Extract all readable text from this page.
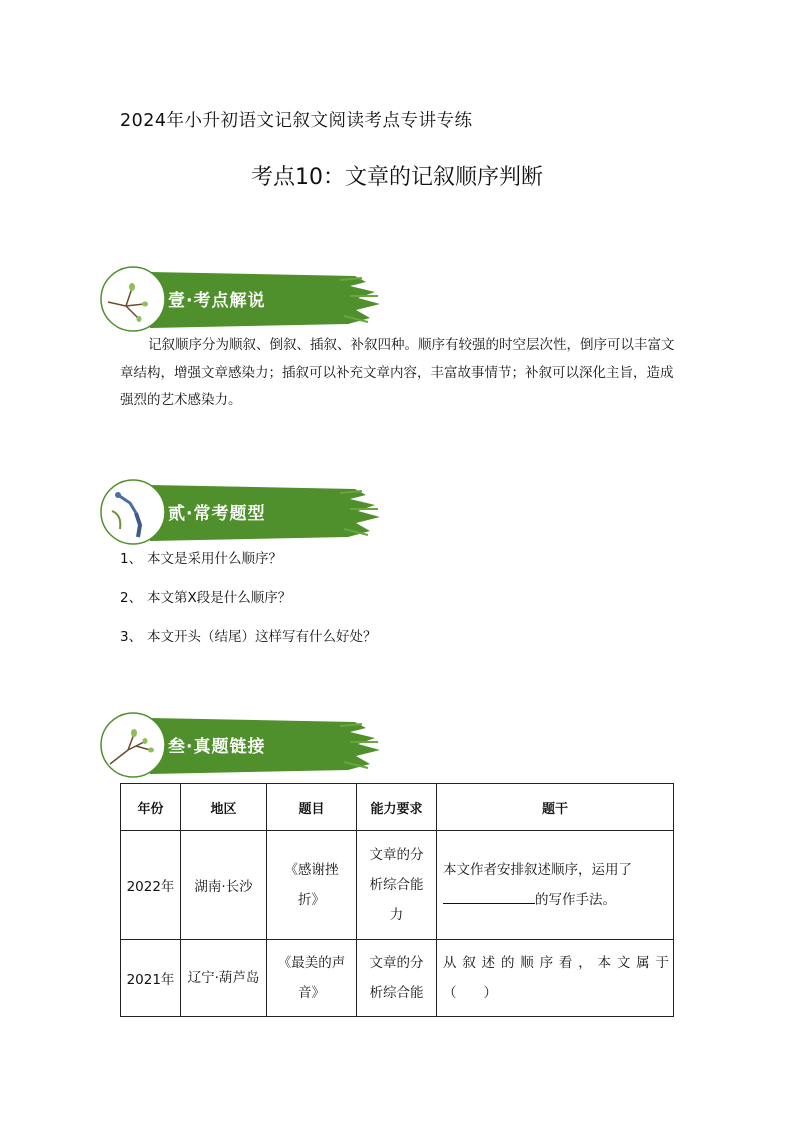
2024年小升初语文记叙文阅读考点专讲专练
考点10：文章的记叙顺序判断
壹·考点解说
记叙顺序分为顺叙、倒叙、插叙、补叙四种。顺序有较强的时空层次性，倒序可以丰富文章结构，增强文章感染力；插叙可以补充文章内容，丰富故事情节；补叙可以深化主旨，造成强烈的艺术感染力。
贰·常考题型
1、 本文是采用什么顺序？
2、 本文第X段是什么顺序？
3、 本文开头（结尾）这样写有什么好处？
叁·真题链接
年份	地区	题目	能力要求	题干
2022年	湖南·长沙	《感谢挫折》	文章的分析综合能力	本文作者安排叙述顺序，运用了
的写作手法。
2021年	辽宁·葫芦岛	《最美的声音》	文章的分析综合能	从叙述的顺序看，本文属于
（　　）
